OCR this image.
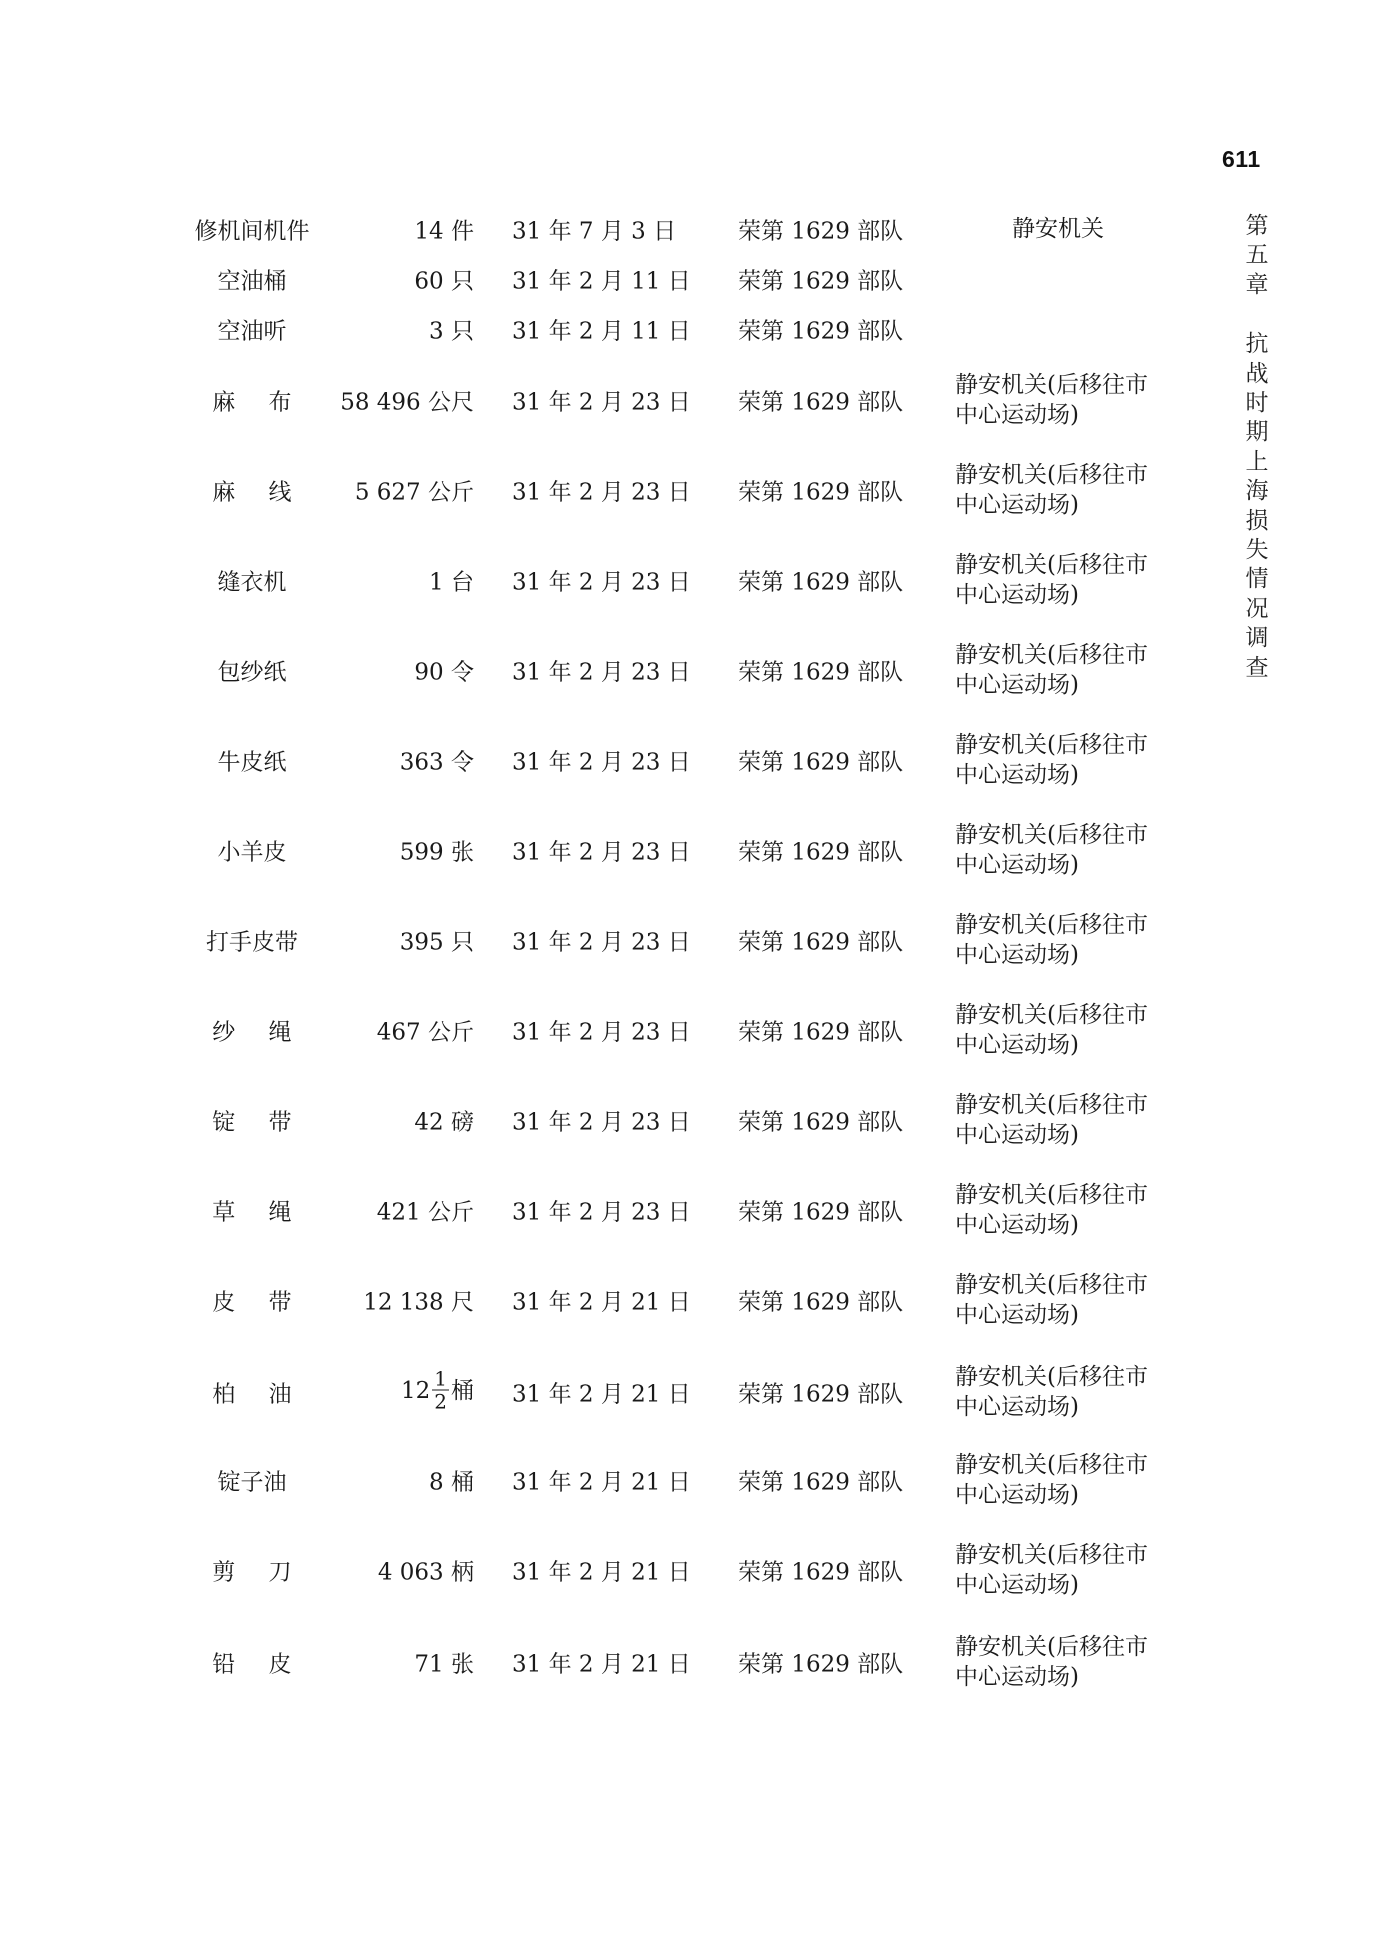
611
第
五
章
抗
战
时
期
上
海
损
失
情
况
调
查
修机间机件	14 件 31 年 7 月 3 日	荣第 1629 部队	静安机关
空油桶	60 只 31 年 2 月 11 日 荣第 1629 部队
空油听	3 只 31 年 2 月 11 日 荣第 1629 部队
麻布 58 496 公尺 31 年 2 月 23 日 荣第 1629 部队
静安机关(后移往市
中心运动场)
麻线 5 627 公斤 31 年 2 月 23 日 荣第 1629 部队
静安机关(后移往市
中心运动场)
缝衣机	1 台 31 年 2 月 23 日 荣第 1629 部队
静安机关(后移往市
中心运动场)
包纱纸	90 令 31 年 2 月 23 日 荣第 1629 部队
静安机关(后移往市
中心运动场)
牛皮纸	363 令 31 年 2 月 23 日 荣第 1629 部队
静安机关(后移往市
中心运动场)
小羊皮	599 张 31 年 2 月 23 日 荣第 1629 部队
静安机关(后移往市
中心运动场)
打手皮带	395 只 31 年 2 月 23 日 荣第 1629 部队
静安机关(后移往市
中心运动场)
纱绳 467 公斤 31 年 2 月 23 日 荣第 1629 部队
静安机关(后移往市
中心运动场)
锭带	42 磅 31 年 2 月 23 日 荣第 1629 部队
静安机关(后移往市
中心运动场)
草绳 421 公斤 31 年 2 月 23 日 荣第 1629 部队
静安机关(后移往市
中心运动场)
皮带 12 138 尺 31 年 2 月 21 日 荣第 1629 部队
静安机关(后移往市
中心运动场)
柏油	$12 \frac{1}{2}$ 桶 31 年 2 月 21 日 荣第 1629 部队
静安机关(后移往市
中心运动场)
锭子油	8 桶 31 年 2 月 21 日 荣第 1629 部队
静安机关(后移往市
中心运动场)
剪刀 4 063 柄 31 年 2 月 21 日 荣第 1629 部队
静安机关(后移往市
中心运动场)
铅皮	71 张 31 年 2 月 21 日 荣第 1629 部队
静安机关(后移往市
中心运动场)
